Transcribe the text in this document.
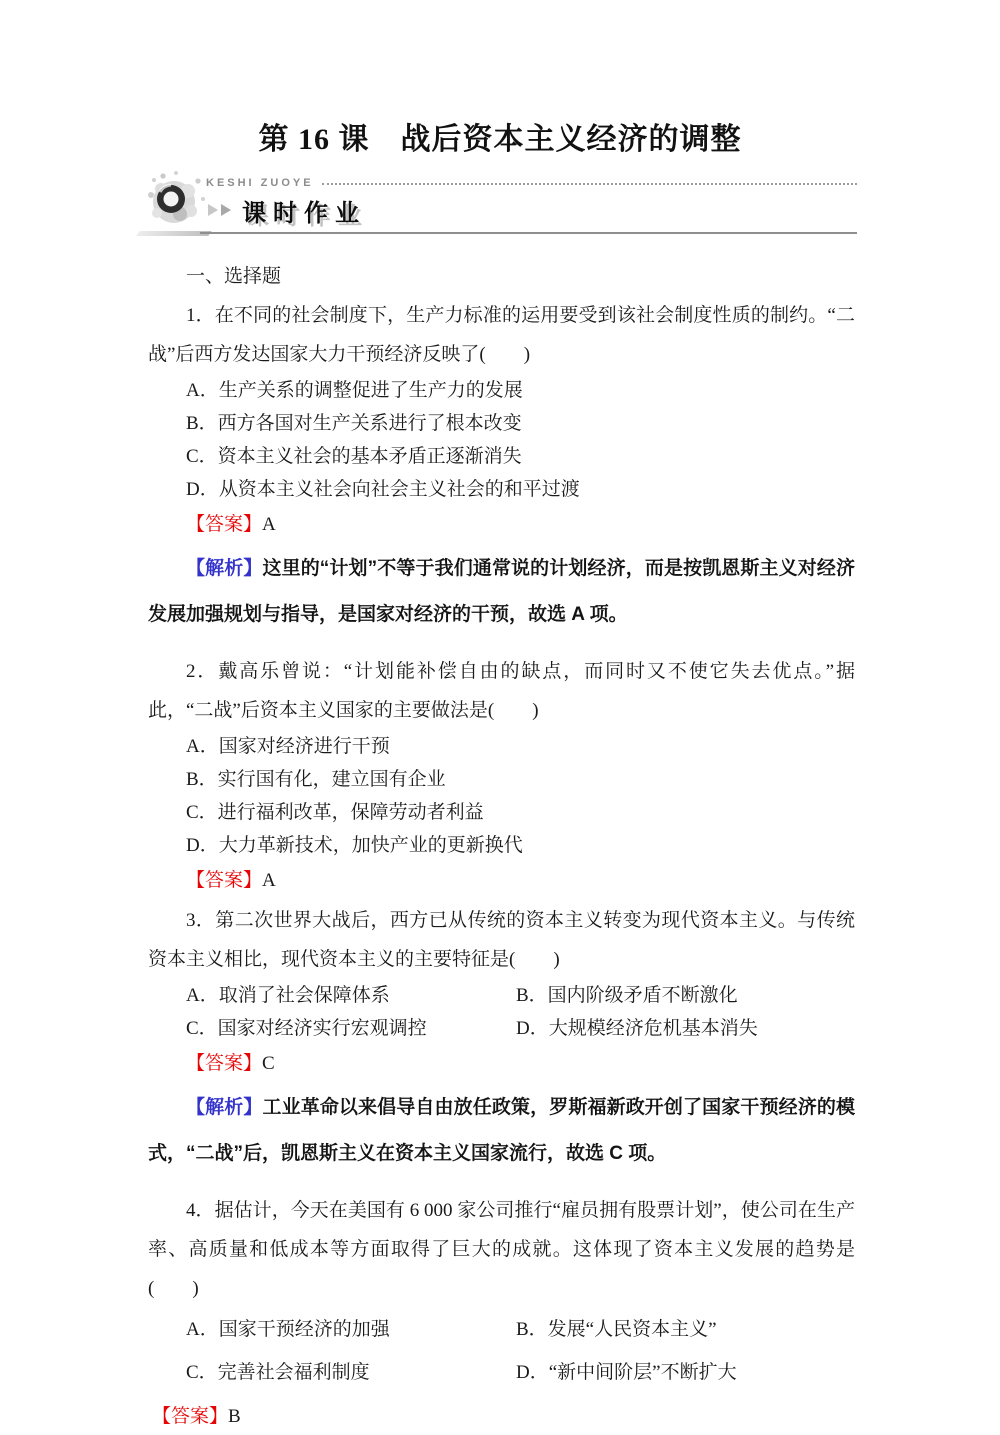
第 16 课　战后资本主义经济的调整
KESHI ZUOYE
课时作业

一、选择题

1．在不同的社会制度下，生产力标准的运用要受到该社会制度性质的制约。“二战”后西方发达国家大力干预经济反映了(　　)

A．生产关系的调整促进了生产力的发展

B．西方各国对生产关系进行了根本改变

C．资本主义社会的基本矛盾正逐渐消失

D．从资本主义社会向社会主义社会的和平过渡

【答案】A

【解析】这里的“计划”不等于我们通常说的计划经济，而是按凯恩斯主义对经济发展加强规划与指导，是国家对经济的干预，故选 A 项。

2．戴高乐曾说：“计划能补偿自由的缺点，而同时又不使它失去优点。”据此，“二战”后资本主义国家的主要做法是(　　)

A．国家对经济进行干预

B．实行国有化，建立国有企业

C．进行福利改革，保障劳动者利益

D．大力革新技术，加快产业的更新换代

【答案】A

3．第二次世界大战后，西方已从传统的资本主义转变为现代资本主义。与传统资本主义相比，现代资本主义的主要特征是(　　)

A．取消了社会保障体系	B．国内阶级矛盾不断激化

C．国家对经济实行宏观调控	D．大规模经济危机基本消失

【答案】C

【解析】工业革命以来倡导自由放任政策，罗斯福新政开创了国家干预经济的模式，“二战”后，凯恩斯主义在资本主义国家流行，故选 C 项。

4．据估计，今天在美国有 6 000 家公司推行“雇员拥有股票计划”，使公司在生产率、高质量和低成本等方面取得了巨大的成就。这体现了资本主义发展的趋势是(　　)

A．国家干预经济的加强	B．发展“人民资本主义”

C．完善社会福利制度	D．“新中间阶层”不断扩大

【答案】B
